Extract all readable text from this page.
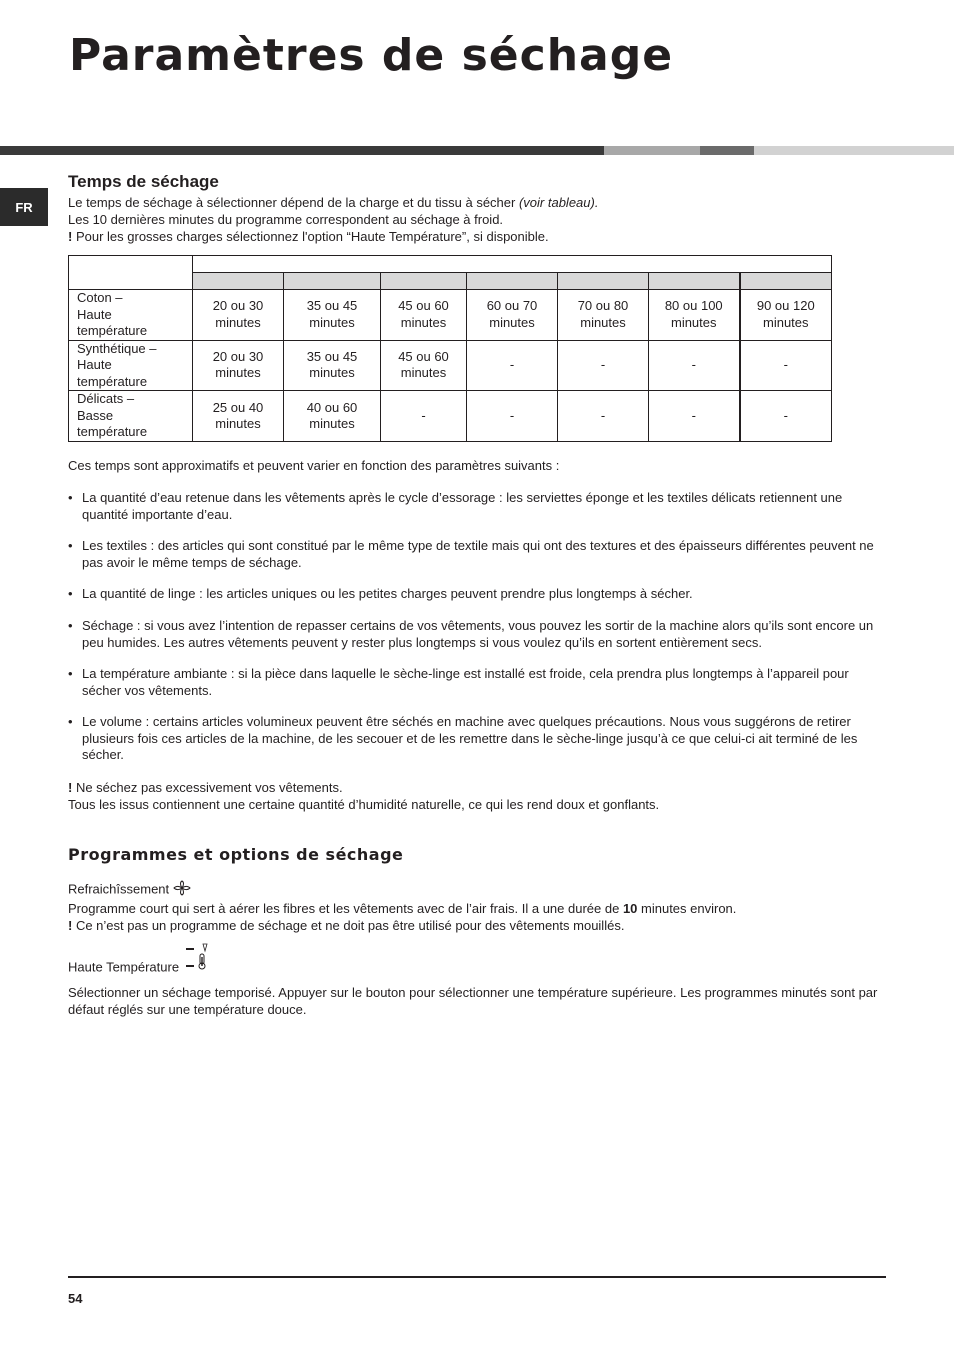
Paramètres de séchage
FR
Temps de séchage

Le temps de séchage à sélectionner dépend de la charge et du tissu à sécher (voir tableau).

Les 10 dernières minutes du programme correspondent au séchage à froid.

! Pour les grosses charges sélectionnez l'option “Haute Température”, si disponible.

Coton –
Haute
température	20 ou 30 minutes	35 ou 45 minutes	45 ou 60 minutes	60 ou 70 minutes	70 ou 80 minutes	80 ou 100 minutes	90 ou 120 minutes
Synthétique –
Haute
température	20 ou 30 minutes	35 ou 45 minutes	45 ou 60 minutes	-	-	-	-
Délicats –
Basse
température	25 ou 40 minutes	40 ou 60 minutes	-	-	-	-	-
Ces temps sont approximatifs et peuvent varier en fonction des paramètres suivants :
• La quantité d’eau retenue dans les vêtements après le cycle d’essorage : les serviettes éponge et les textiles délicats retiennent une quantité importante d’eau.
• Les textiles : des articles qui sont constitué par le même type de textile mais qui ont des textures et des épaisseurs différentes peuvent ne pas avoir le même temps de séchage.
• La quantité de linge : les articles uniques ou les petites charges peuvent prendre plus longtemps à sécher.
• Séchage : si vous avez l’intention de repasser certains de vos vêtements, vous pouvez les sortir de la machine alors qu’ils sont encore un peu humides. Les autres vêtements peuvent y rester plus longtemps si vous voulez qu’ils en sortent entièrement secs.
• La température ambiante : si la pièce dans laquelle le sèche-linge est installé est froide, cela prendra plus longtemps à l’appareil pour sécher vos vêtements.
• Le volume : certains articles volumineux peuvent être séchés en machine avec quelques précautions. Nous vous suggérons de retirer plusieurs fois ces articles de la machine, de les secouer et de les remettre dans le sèche-linge jusqu’à ce que celui-ci ait terminé de les sécher.

! Ne séchez pas excessivement vos vêtements.

Tous les issus contiennent une certaine quantité d’humidité naturelle, ce qui les rend doux et gonflants.

Programmes et options de séchage

Refraichîssement

Programme court qui sert à aérer les fibres et les vêtements avec de l’air frais. Il a une durée de 10 minutes environ.

! Ce n’est pas un programme de séchage et ne doit pas être utilisé pour des vêtements mouillés.

Haute Température

Sélectionner un séchage temporisé. Appuyer sur le bouton pour sélectionner une température supérieure. Les programmes minutés sont par défaut réglés sur une température douce.

54
